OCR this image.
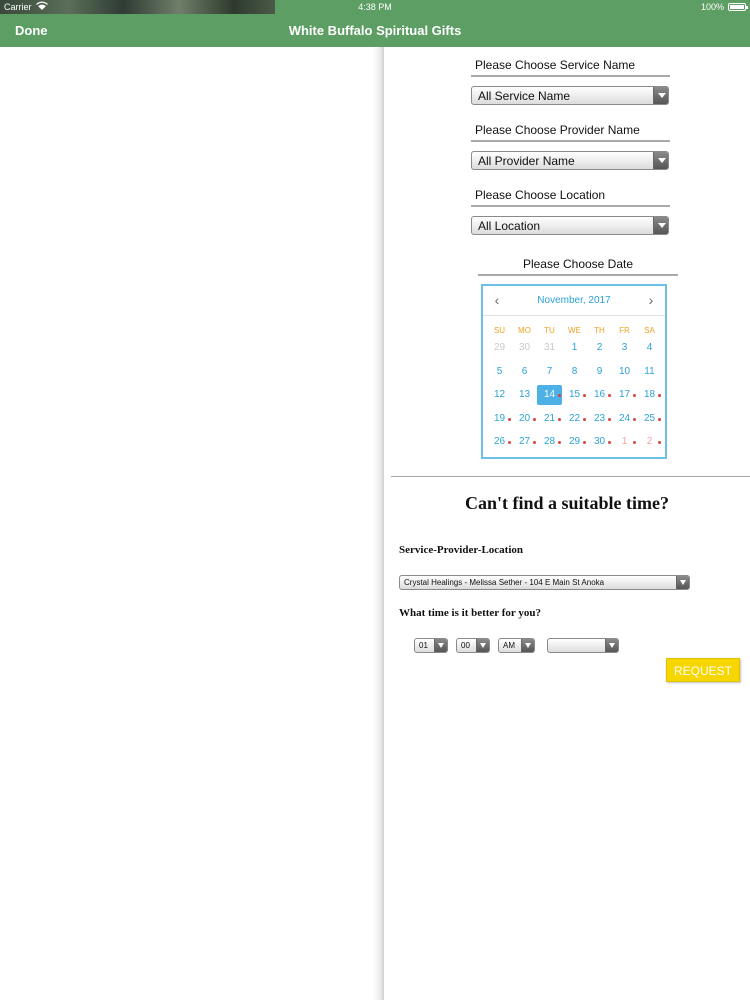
Carrier	4:38 PM	100%
Done	White Buffalo Spiritual Gifts
Please Choose Service Name
All Service Name
Please Choose Provider Name
All Provider Name
Please Choose Location
All Location
Please Choose Date
‹	November, 2017	›
SU	MO	TU	WE	TH	FR	SA
29	30	31	1	2	3	4
5	6	7	8	9	10	11
12	13	14	15	16	17	18
19	20	21	22	23	24	25
26	27	28	29	30	1	2
Can't find a suitable time?
Service-Provider-Location
Crystal Healings - Melissa Sether - 104 E Main St Anoka
What time is it better for you?
01	00	AM
REQUEST
